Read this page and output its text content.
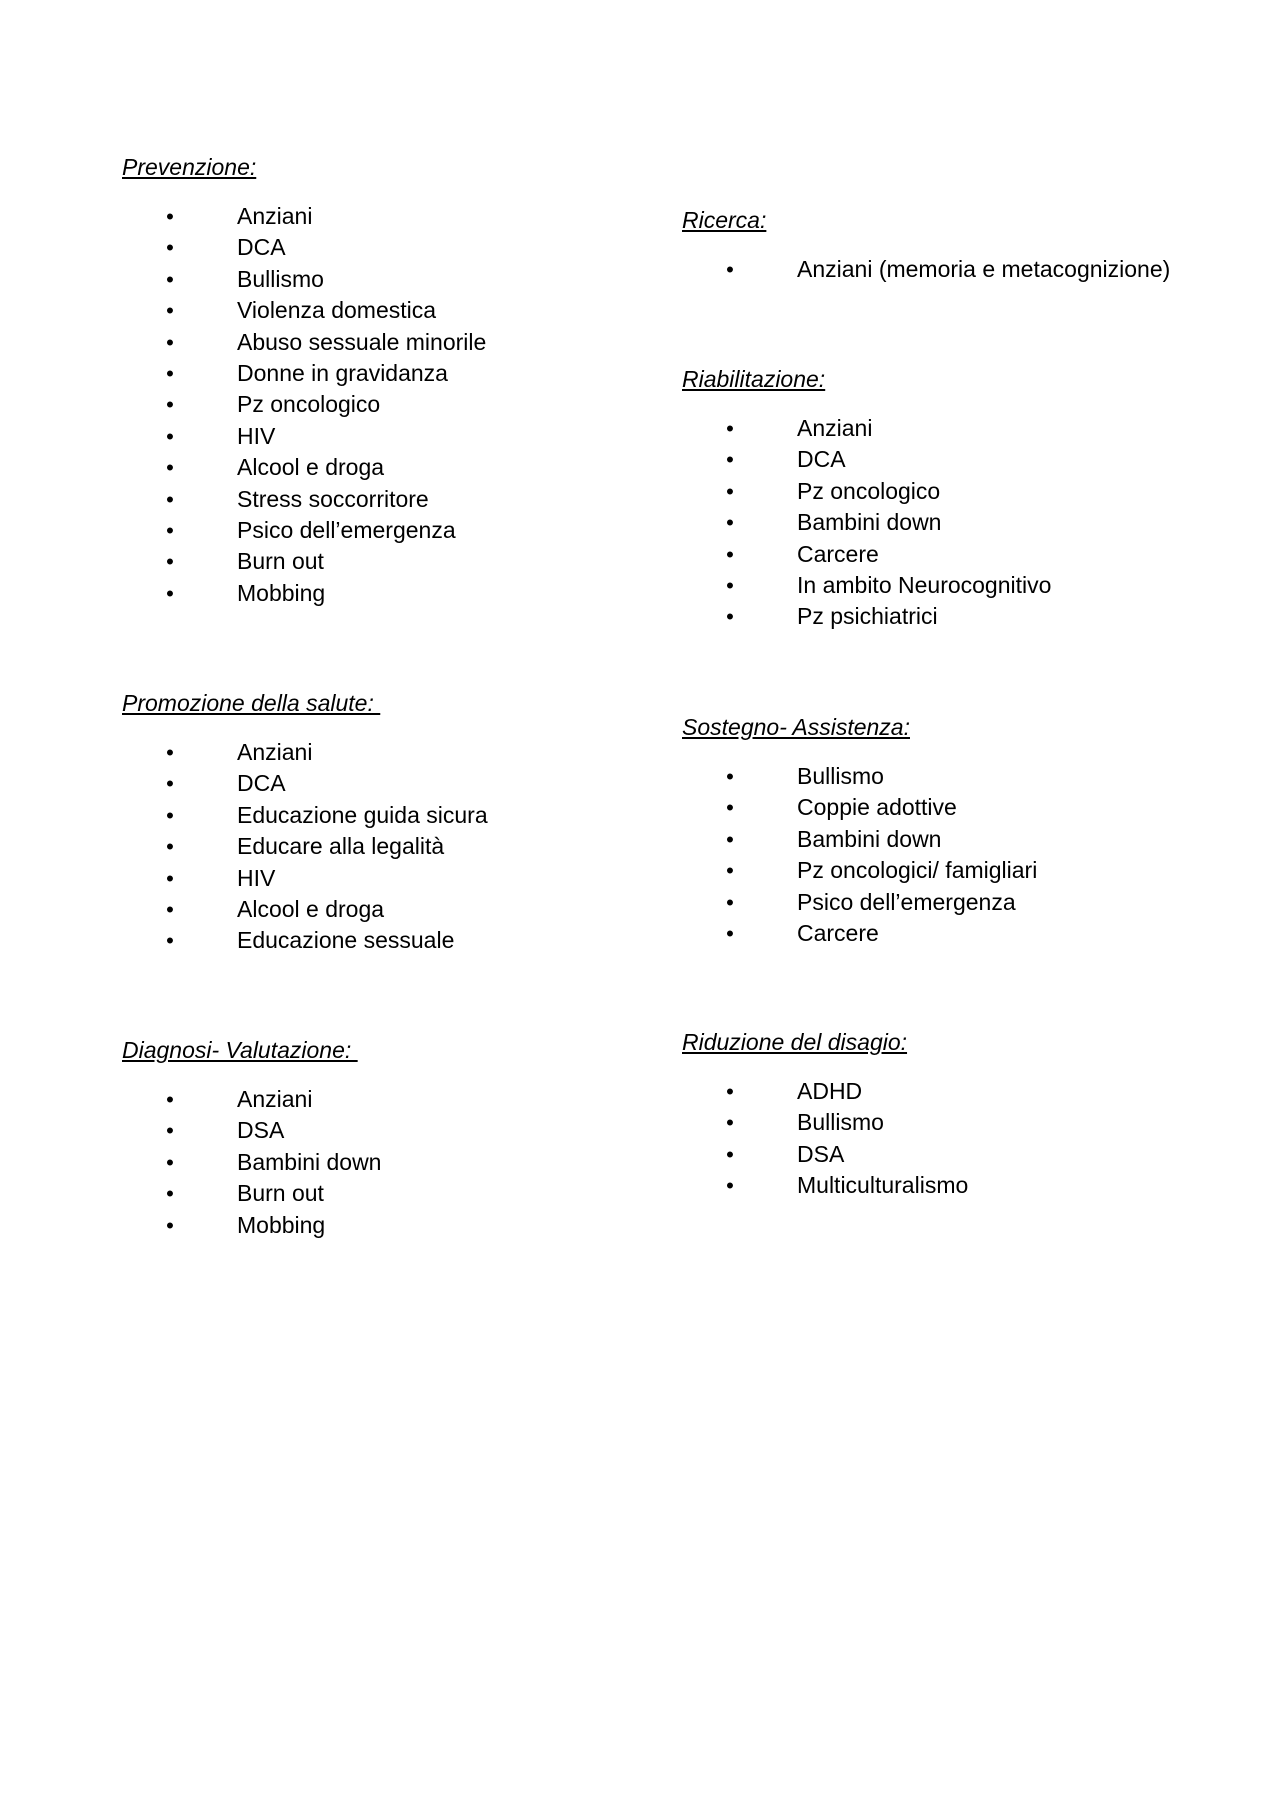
Prevenzione:

•	Anziani
•	DCA
•	Bullismo
•	Violenza domestica
•	Abuso sessuale minorile
•	Donne in gravidanza
•	Pz oncologico
•	HIV
•	Alcool e droga
•	Stress soccorritore
•	Psico dell’emergenza
•	Burn out
•	Mobbing

Promozione della salute:

•	Anziani
•	DCA
•	Educazione guida sicura
•	Educare alla legalità
•	HIV
•	Alcool e droga
•	Educazione sessuale

Diagnosi- Valutazione:

•	Anziani
•	DSA
•	Bambini down
•	Burn out
•	Mobbing

Ricerca:

•	Anziani (memoria e metacognizione)

Riabilitazione:

•	Anziani
•	DCA
•	Pz oncologico
•	Bambini down
•	Carcere
•	In ambito Neurocognitivo
•	Pz psichiatrici

Sostegno- Assistenza:

•	Bullismo
•	Coppie adottive
•	Bambini down
•	Pz oncologici/ famigliari
•	Psico dell’emergenza
•	Carcere

Riduzione del disagio:

•	ADHD
•	Bullismo
•	DSA
•	Multiculturalismo
